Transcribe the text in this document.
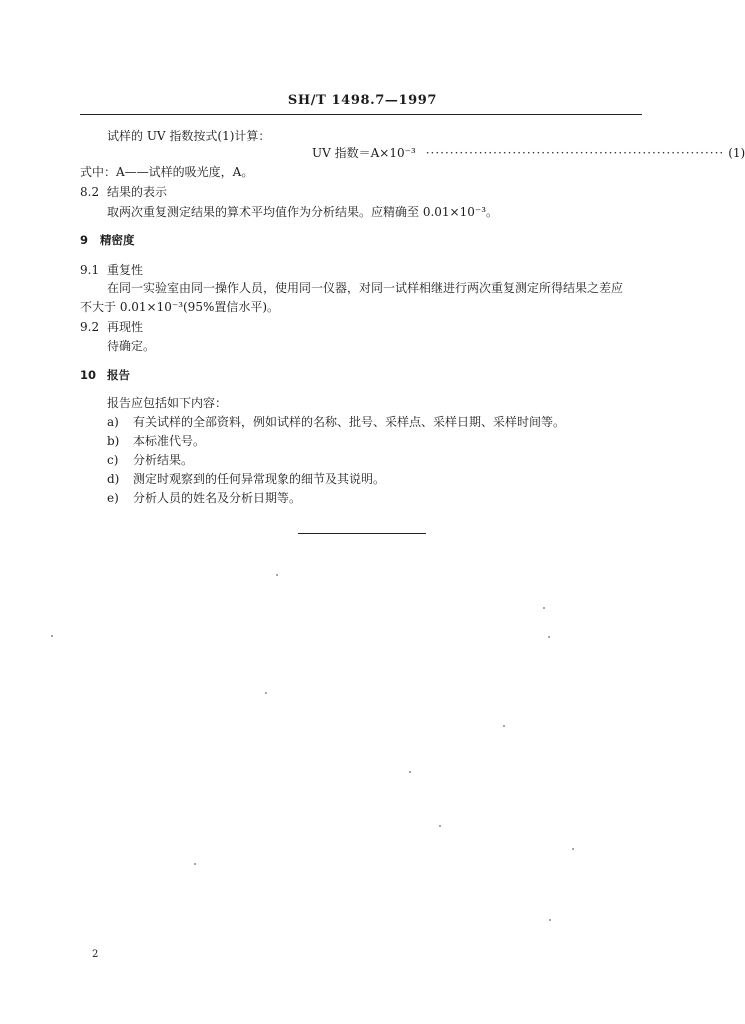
SH/T 1498.7—1997
试样的 UV 指数按式(1)计算：
UV 指数＝A×10⁻³ ······························································ (1)
式中：A——试样的吸光度，A。
8.2 结果的表示
取两次重复测定结果的算术平均值作为分析结果。应精确至 0.01×10⁻³。
9 精密度
9.1 重复性
在同一实验室由同一操作人员，使用同一仪器，对同一试样相继进行两次重复测定所得结果之差应
不大于 0.01×10⁻³(95%置信水平)。
9.2 再现性
待确定。
10 报告
报告应包括如下内容：
a) 有关试样的全部资料，例如试样的名称、批号、采样点、采样日期、采样时间等。
b) 本标准代号。
c) 分析结果。
d) 测定时观察到的任何异常现象的细节及其说明。
e) 分析人员的姓名及分析日期等。
2
